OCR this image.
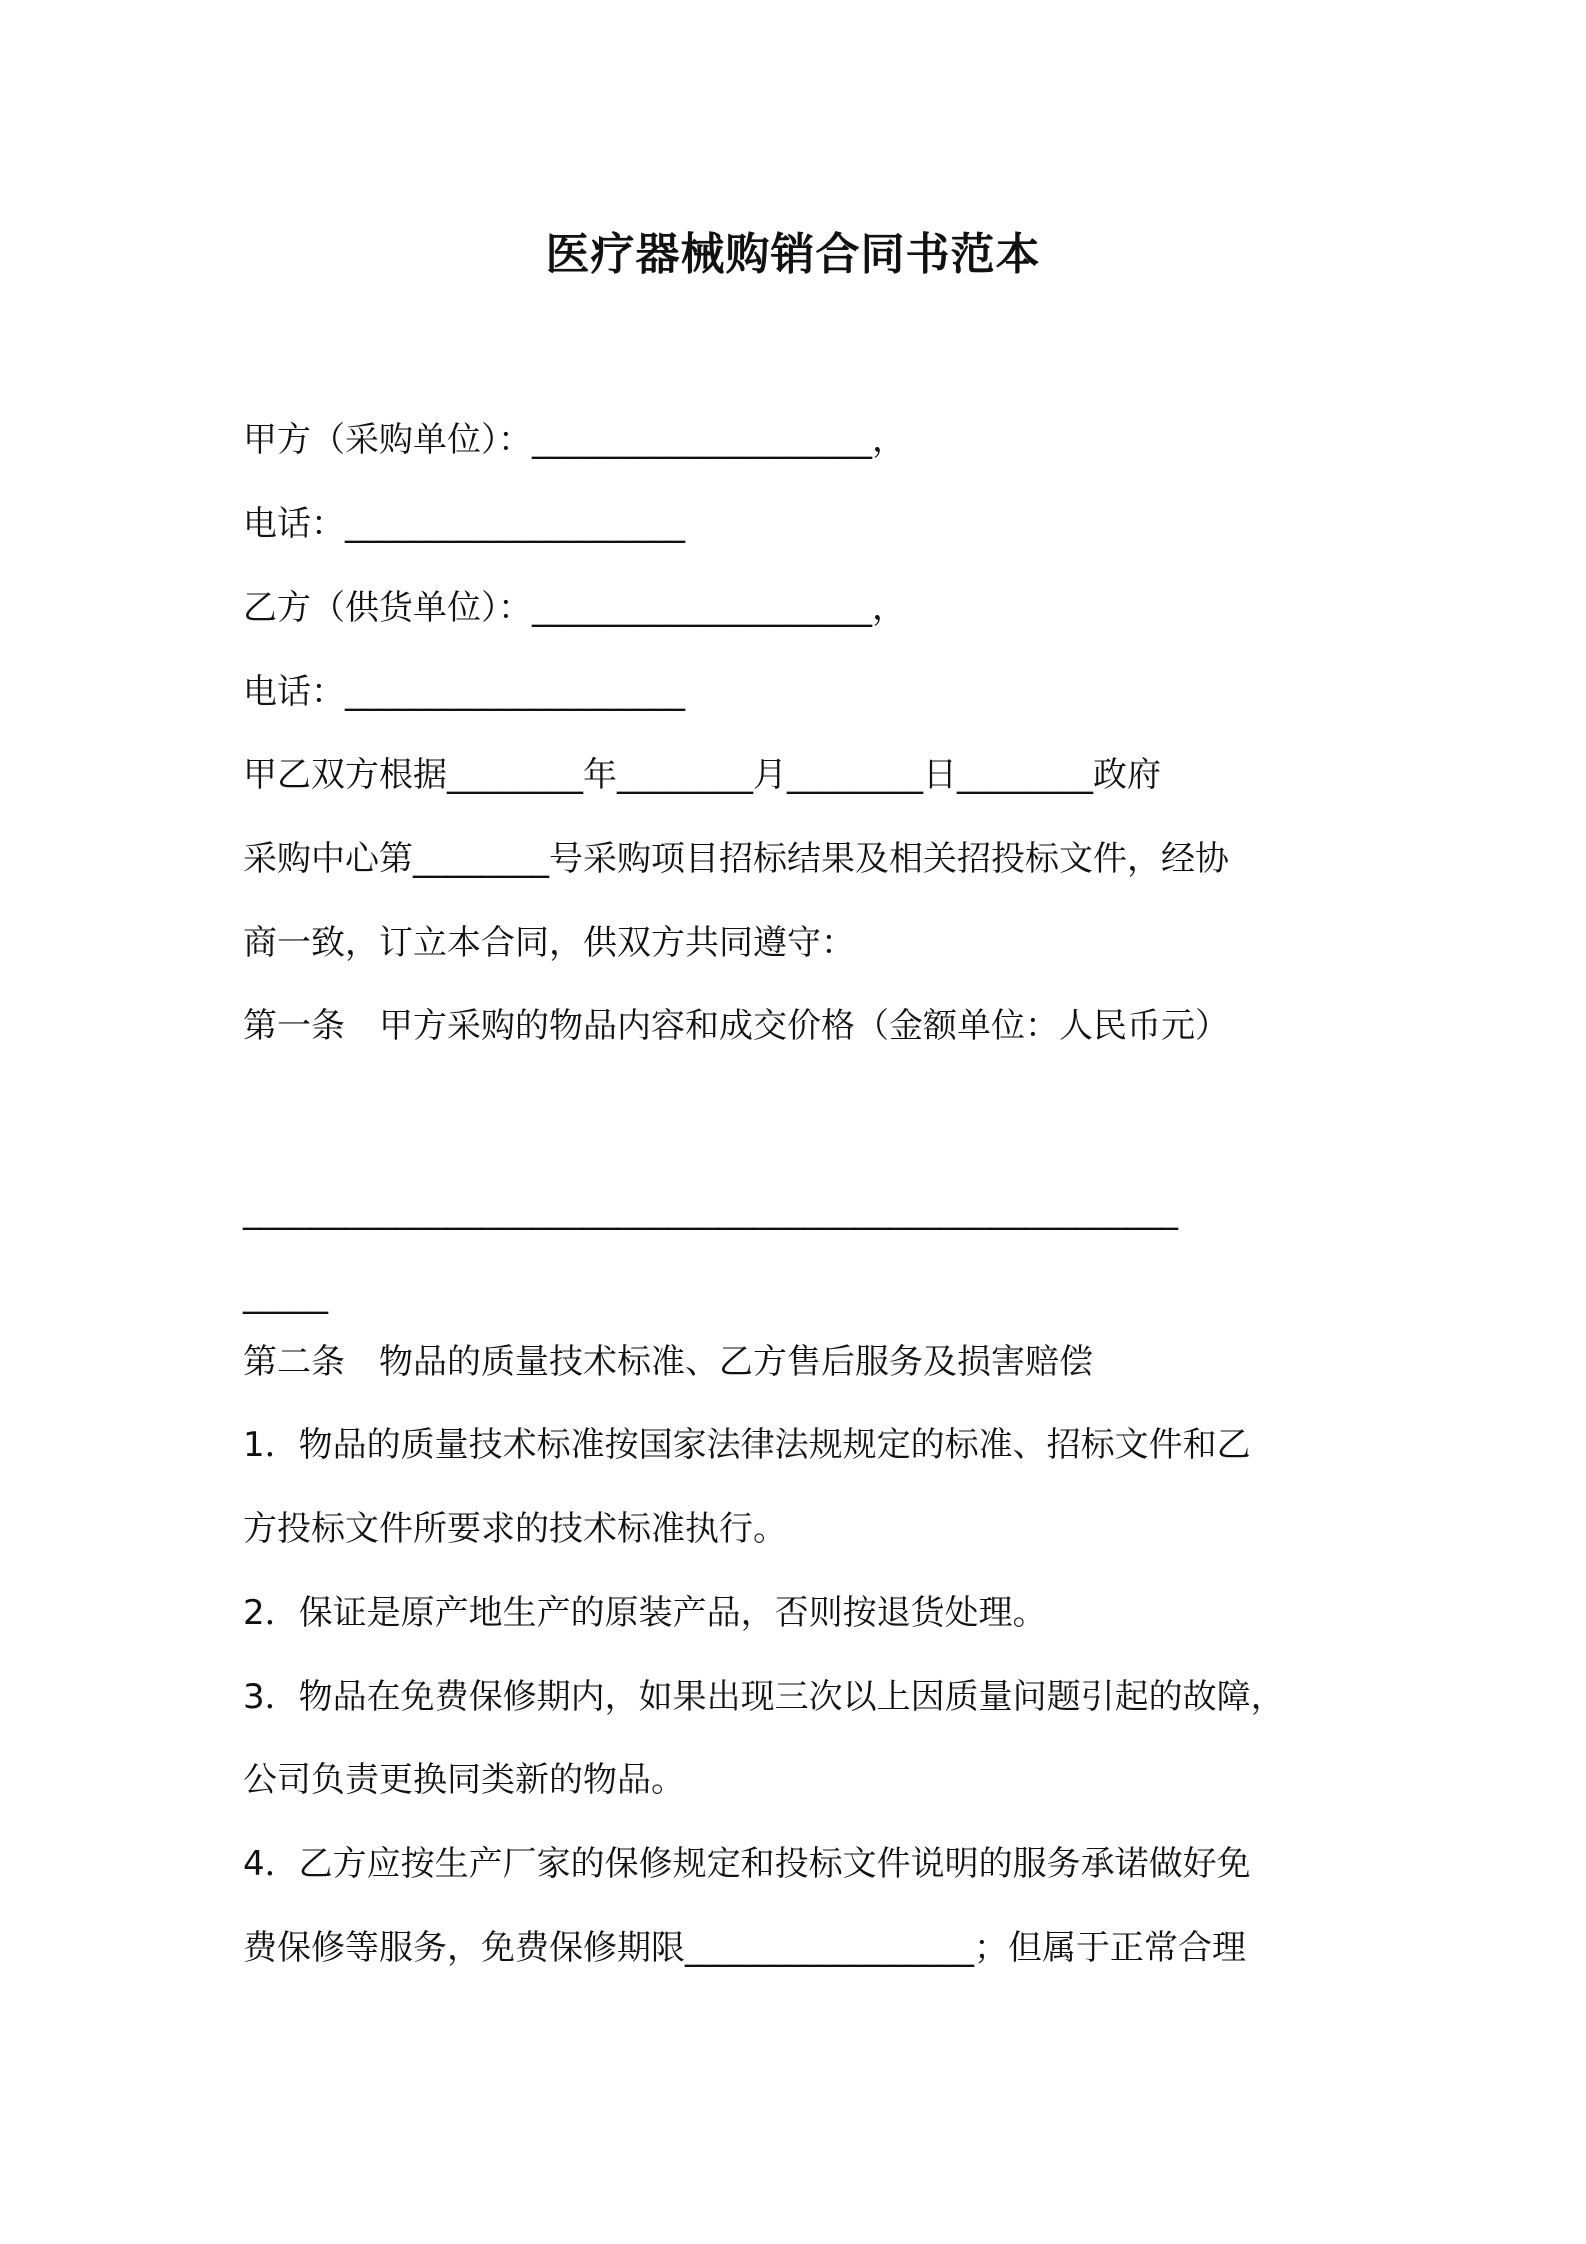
医疗器械购销合同书范本
甲方（采购单位）：____________________，
电话：____________________
乙方（供货单位）：____________________，
电话：____________________
甲乙双方根据________年________月________日________政府
采购中心第________号采购项目招标结果及相关招投标文件，经协
商一致，订立本合同，供双方共同遵守：
第一条　甲方采购的物品内容和成交价格（金额单位：人民币元）
_______________________________________________________
_____
第二条　物品的质量技术标准、乙方售后服务及损害赔偿
1．物品的质量技术标准按国家法律法规规定的标准、招标文件和乙
方投标文件所要求的技术标准执行。
2．保证是原产地生产的原装产品，否则按退货处理。
3．物品在免费保修期内，如果出现三次以上因质量问题引起的故障，
公司负责更换同类新的物品。
4．乙方应按生产厂家的保修规定和投标文件说明的服务承诺做好免
费保修等服务，免费保修期限_________________；但属于正常合理
